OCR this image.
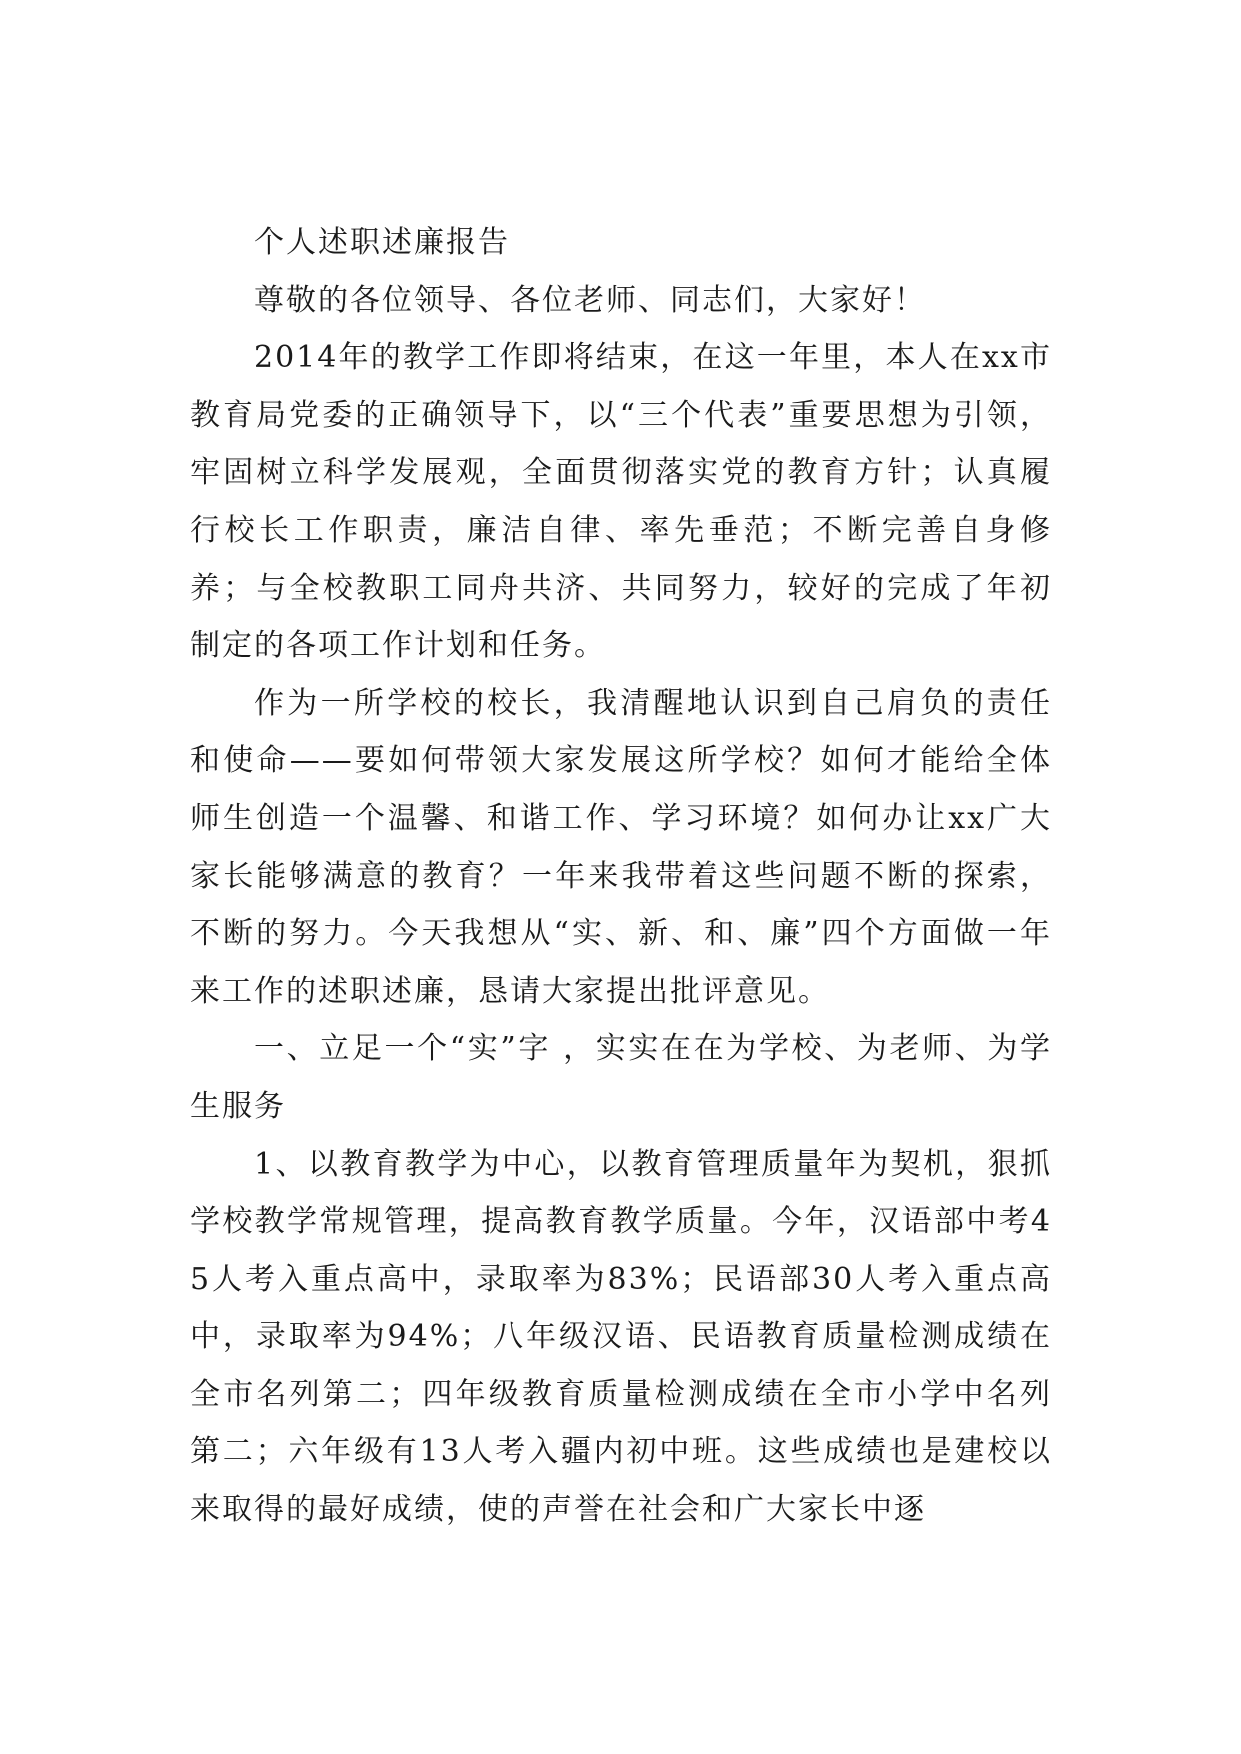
个人述职述廉报告

尊敬的各位领导、各位老师、同志们，大家好！

2014年的教学工作即将结束，在这一年里，本人在xx市教育局党委的正确领导下，以“三个代表”重要思想为引领，牢固树立科学发展观，全面贯彻落实党的教育方针；认真履行校长工作职责，廉洁自律、率先垂范；不断完善自身修养；与全校教职工同舟共济、共同努力，较好的完成了年初制定的各项工作计划和任务。

作为一所学校的校长，我清醒地认识到自己肩负的责任和使命——要如何带领大家发展这所学校？如何才能给全体师生创造一个温馨、和谐工作、学习环境？如何办让xx广大家长能够满意的教育？一年来我带着这些问题不断的探索，不断的努力。今天我想从“实、新、和、廉”四个方面做一年来工作的述职述廉，恳请大家提出批评意见。

一、立足一个“实”字 ，实实在在为学校、为老师、为学生服务

1、以教育教学为中心，以教育管理质量年为契机，狠抓学校教学常规管理，提高教育教学质量。今年，汉语部中考45人考入重点高中，录取率为83%；民语部30人考入重点高中，录取率为94%；八年级汉语、民语教育质量检测成绩在全市名列第二；四年级教育质量检测成绩在全市小学中名列第二；六年级有13人考入疆内初中班。这些成绩也是建校以来取得的最好成绩，使的声誉在社会和广大家长中逐
